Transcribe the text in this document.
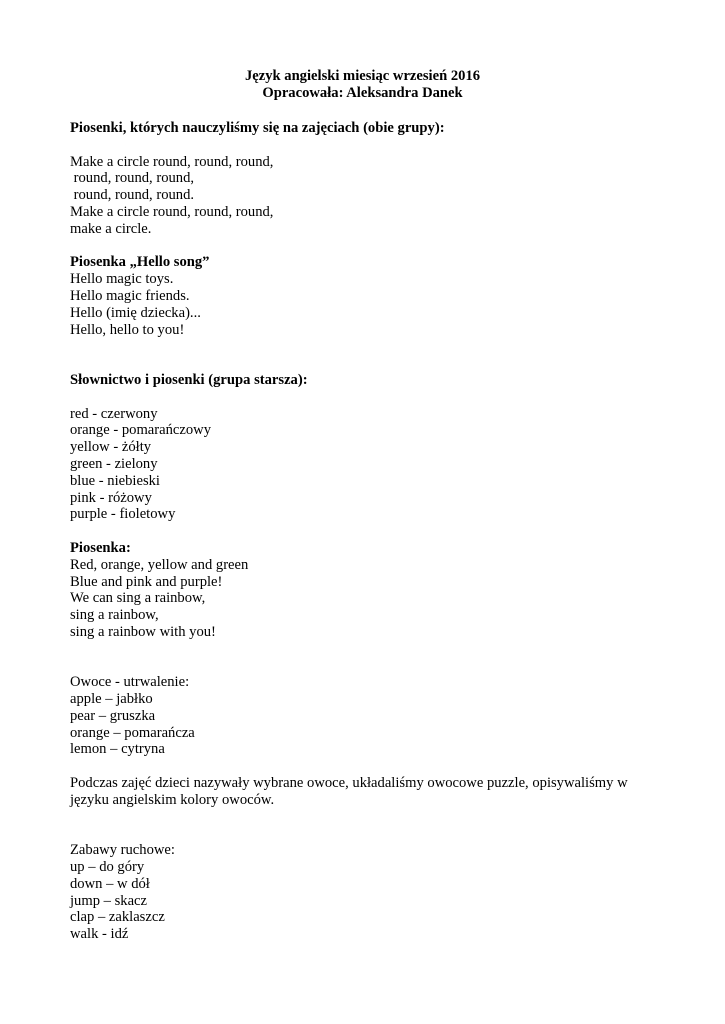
Język angielski miesiąc wrzesień 2016
Opracowała: Aleksandra Danek
Piosenki, których nauczyliśmy się na zajęciach (obie grupy):
Make a circle round, round, round,
round, round, round,
round, round, round.
Make a circle round, round, round,
make a circle.
Piosenka „Hello song”
Hello magic toys.
Hello magic friends.
Hello (imię dziecka)...
Hello, hello to you!
Słownictwo i piosenki (grupa starsza):
red - czerwony
orange - pomarańczowy
yellow - żółty
green - zielony
blue - niebieski
pink - różowy
purple - fioletowy
Piosenka:
Red, orange, yellow and green
Blue and pink and purple!
We can sing a rainbow,
sing a rainbow,
sing a rainbow with you!
Owoce - utrwalenie:
apple – jabłko
pear – gruszka
orange – pomarańcza
lemon – cytryna
Podczas zajęć dzieci nazywały wybrane owoce, układaliśmy owocowe puzzle, opisywaliśmy w języku angielskim kolory owoców.
Zabawy ruchowe:
up – do góry
down – w dół
jump – skacz
clap – zaklaszcz
walk - idź
